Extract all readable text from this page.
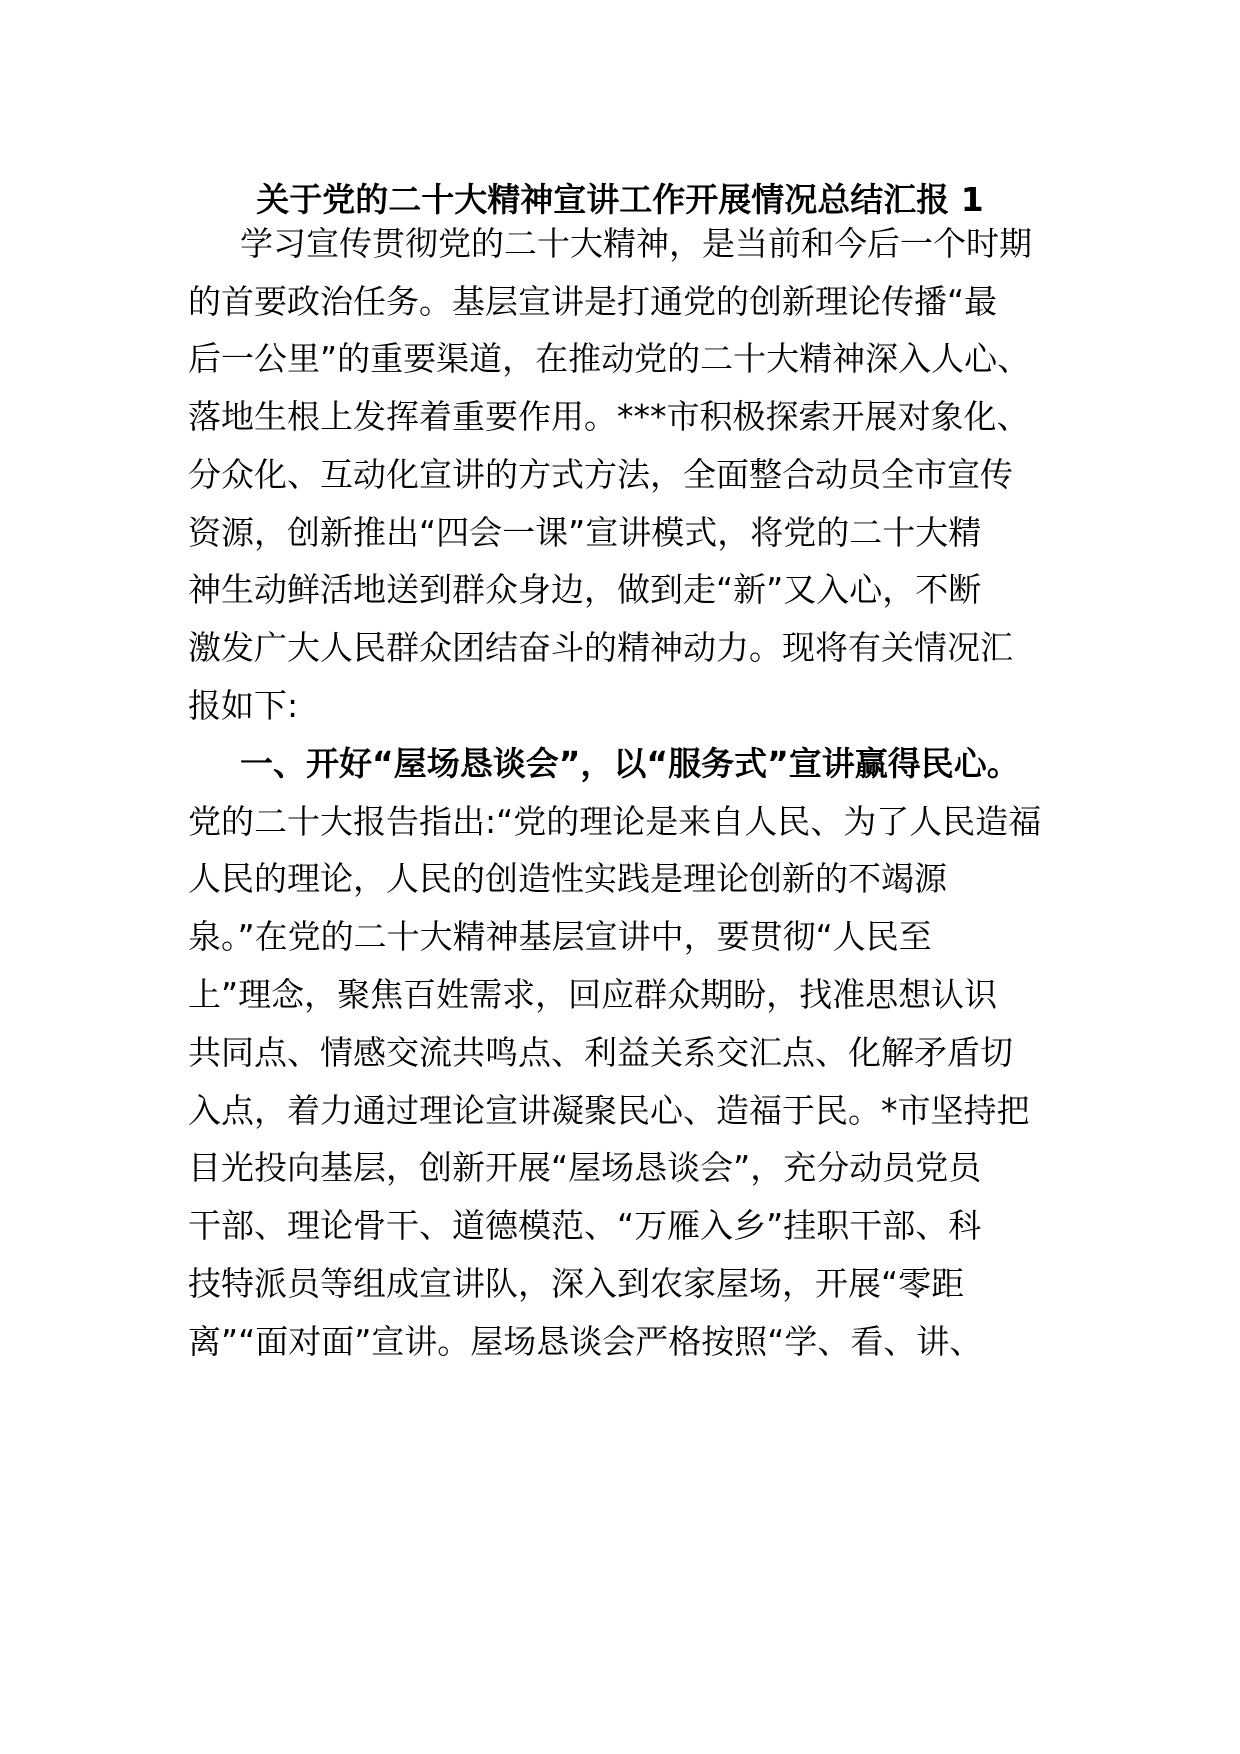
关于党的二十大精神宣讲工作开展情况总结汇报 1

学习宣传贯彻党的二十大精神，是当前和今后一个时期

的首要政治任务。基层宣讲是打通党的创新理论传播“最

后一公里”的重要渠道，在推动党的二十大精神深入人心、

落地生根上发挥着重要作用。***市积极探索开展对象化、

分众化、互动化宣讲的方式方法，全面整合动员全市宣传

资源，创新推出“四会一课”宣讲模式，将党的二十大精

神生动鲜活地送到群众身边，做到走“新”又入心，不断

激发广大人民群众团结奋斗的精神动力。现将有关情况汇

报如下:

一、开好“屋场恳谈会”，以“服务式”宣讲赢得民心。

党的二十大报告指出:“党的理论是来自人民、为了人民造福

人民的理论，人民的创造性实践是理论创新的不竭源

泉。”在党的二十大精神基层宣讲中，要贯彻“人民至

上”理念，聚焦百姓需求，回应群众期盼，找准思想认识

共同点、情感交流共鸣点、利益关系交汇点、化解矛盾切

入点，着力通过理论宣讲凝聚民心、造福于民。*市坚持把

目光投向基层，创新开展“屋场恳谈会”，充分动员党员

干部、理论骨干、道德模范、“万雁入乡”挂职干部、科

技特派员等组成宣讲队，深入到农家屋场，开展“零距

离”“面对面”宣讲。屋场恳谈会严格按照“学、看、讲、
